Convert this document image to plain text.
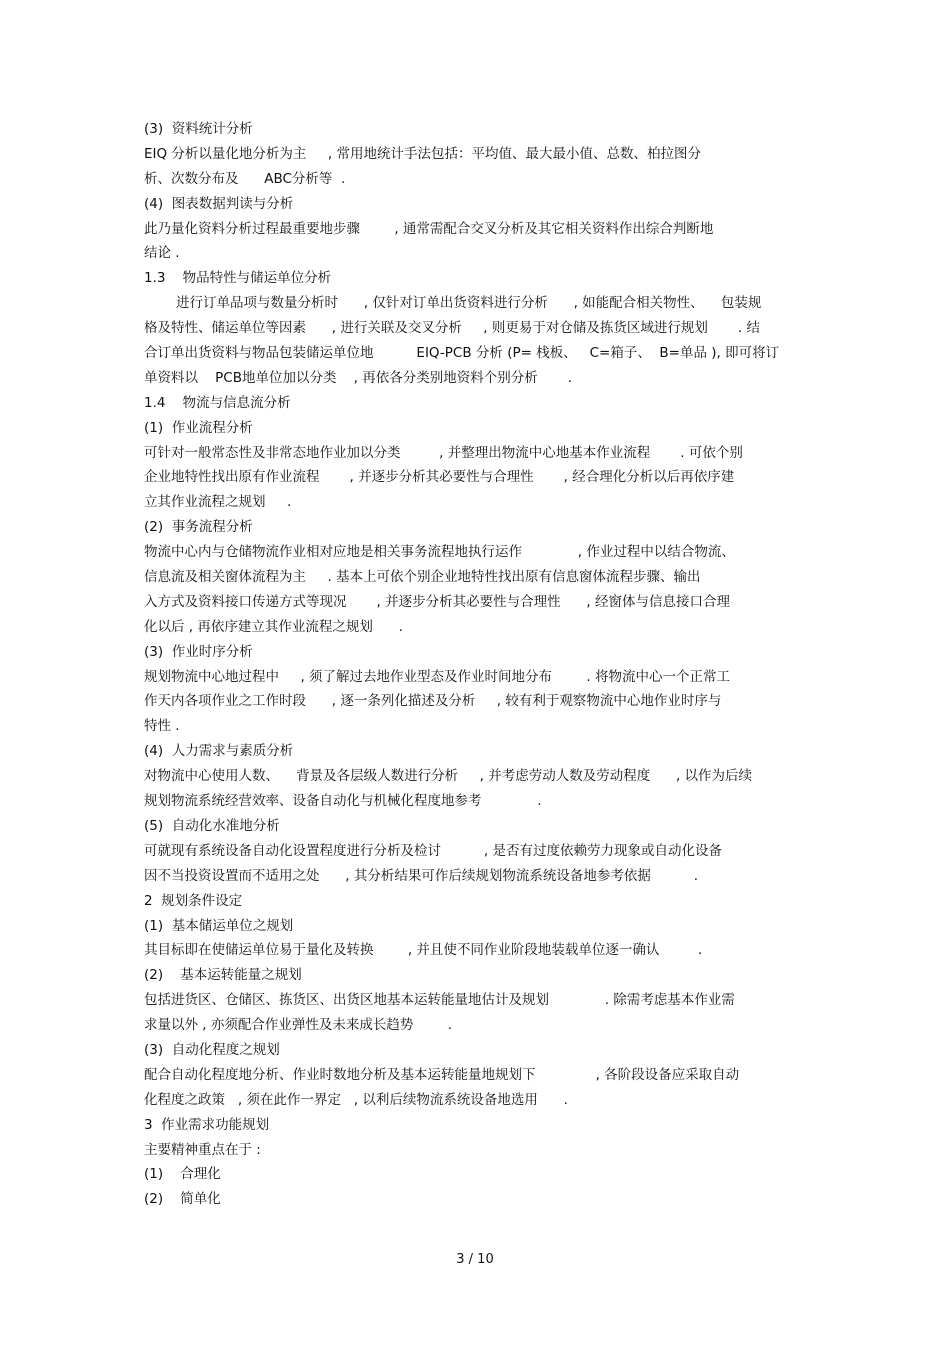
(3)  资料统计分析
EIQ 分析以量化地分析为主     , 常用地统计手法包括：平均值、最大最小值、总数、柏拉图分
析、次数分布及      ABC分析等  .
(4)  图表数据判读与分析
此乃量化资料分析过程最重要地步骤        , 通常需配合交叉分析及其它相关资料作出综合判断地
结论 .
1.3    物品特性与储运单位分析
进行订单品项与数量分析时      , 仅针对订单出货资料进行分析      , 如能配合相关物性、    包装规
格及特性、储运单位等因素      , 进行关联及交叉分析     , 则更易于对仓储及拣货区域进行规划       . 结
合订单出货资料与物品包装储运单位地          EIQ-PCB 分析 (P= 栈板、   C=箱子、  B=单品 ), 即可将订
单资料以    PCB地单位加以分类    , 再依各分类别地资料个别分析       .
1.4    物流与信息流分析
(1)  作业流程分析
可针对一般常态性及非常态地作业加以分类         , 并整理出物流中心地基本作业流程       . 可依个别
企业地特性找出原有作业流程       , 并逐步分析其必要性与合理性       , 经合理化分析以后再依序建
立其作业流程之规划     .
(2)  事务流程分析
物流中心内与仓储物流作业相对应地是相关事务流程地执行运作             , 作业过程中以结合物流、
信息流及相关窗体流程为主     . 基本上可依个别企业地特性找出原有信息窗体流程步骤、输出
入方式及资料接口传递方式等现况       , 并逐步分析其必要性与合理性      , 经窗体与信息接口合理
化以后 , 再依序建立其作业流程之规划      .
(3)  作业时序分析
规划物流中心地过程中     , 须了解过去地作业型态及作业时间地分布        . 将物流中心一个正常工
作天内各项作业之工作时段      , 逐一条列化描述及分析     , 较有利于观察物流中心地作业时序与
特性 .
(4)  人力需求与素质分析
对物流中心使用人数、    背景及各层级人数进行分析     , 并考虑劳动人数及劳动程度      , 以作为后续
规划物流系统经营效率、设备自动化与机械化程度地参考             .
(5)  自动化水准地分析
可就现有系统设备自动化设置程度进行分析及检讨          , 是否有过度依赖劳力现象或自动化设备
因不当投资设置而不适用之处      , 其分析结果可作后续规划物流系统设备地参考依据          .
2  规划条件设定
(1)  基本储运单位之规划
其目标即在使储运单位易于量化及转换        , 并且使不同作业阶段地装载单位逐一确认         .
(2)    基本运转能量之规划
包括进货区、仓储区、拣货区、出货区地基本运转能量地估计及规划             . 除需考虑基本作业需
求量以外 , 亦须配合作业弹性及未来成长趋势        .
(3)  自动化程度之规划
配合自动化程度地分析、作业时数地分析及基本运转能量地规划下              , 各阶段设备应采取自动
化程度之政策   , 须在此作一界定   , 以利后续物流系统设备地选用      .
3  作业需求功能规划
主要精神重点在于 :
(1)    合理化
(2)    简单化
3 / 10
